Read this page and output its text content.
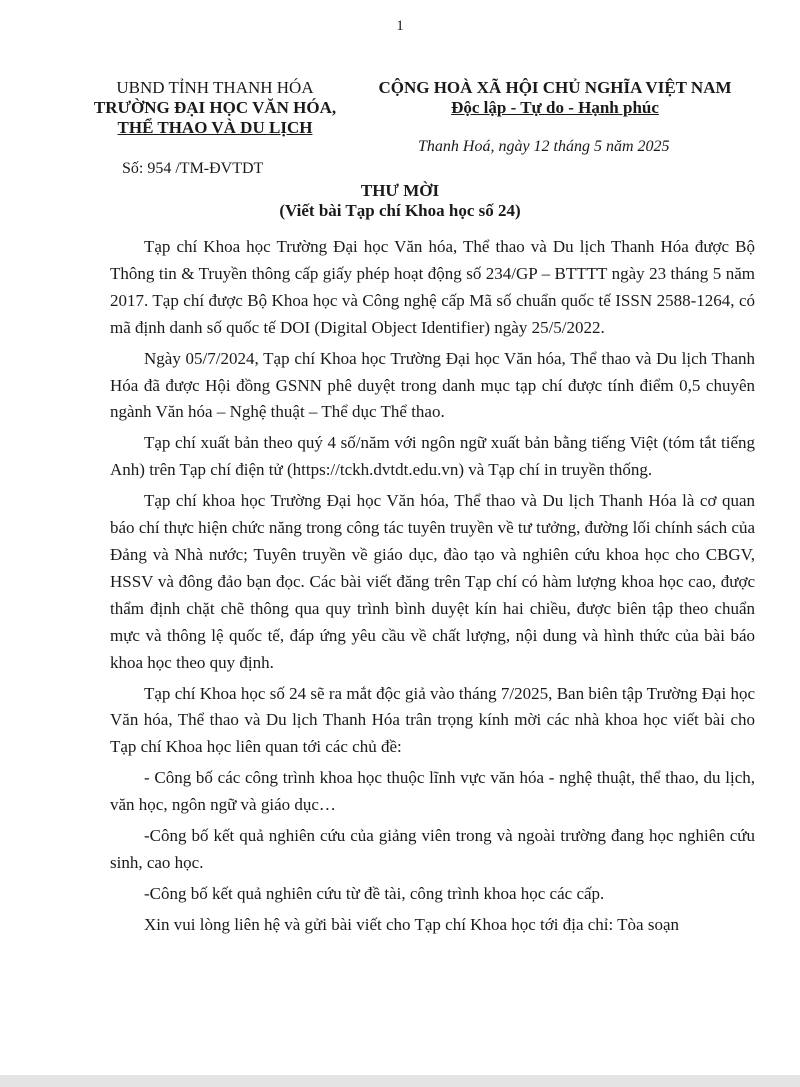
1
UBND TỈNH THANH HÓA
TRƯỜNG ĐẠI HỌC VĂN HÓA,
THỂ THAO VÀ DU LỊCH
CỘNG HOÀ XÃ HỘI CHỦ NGHĨA VIỆT NAM
Độc lập - Tự do - Hạnh phúc
Thanh Hoá, ngày 12 tháng 5 năm 2025
Số: 954 /TM-ĐVTDT
THƯ MỜI
(Viết bài Tạp chí Khoa học số 24)

Tạp chí Khoa học Trường Đại học Văn hóa, Thể thao và Du lịch Thanh Hóa được Bộ Thông tin & Truyền thông cấp giấy phép hoạt động số 234/GP – BTTTT ngày 23 tháng 5 năm 2017. Tạp chí được Bộ Khoa học và Công nghệ cấp Mã số chuẩn quốc tế ISSN 2588-1264, có mã định danh số quốc tế DOI (Digital Object Identifier) ngày 25/5/2022.

Ngày 05/7/2024, Tạp chí Khoa học Trường Đại học Văn hóa, Thể thao và Du lịch Thanh Hóa đã được Hội đồng GSNN phê duyệt trong danh mục tạp chí được tính điểm 0,5 chuyên ngành Văn hóa – Nghệ thuật – Thể dục Thể thao.

Tạp chí xuất bản theo quý 4 số/năm với ngôn ngữ xuất bản bằng tiếng Việt (tóm tắt tiếng Anh) trên Tạp chí điện tử (https://tckh.dvtdt.edu.vn) và Tạp chí in truyền thống.

Tạp chí khoa học Trường Đại học Văn hóa, Thể thao và Du lịch Thanh Hóa là cơ quan báo chí thực hiện chức năng trong công tác tuyên truyền về tư tưởng, đường lối chính sách của Đảng và Nhà nước; Tuyên truyền về giáo dục, đào tạo và nghiên cứu khoa học cho CBGV, HSSV và đông đảo bạn đọc. Các bài viết đăng trên Tạp chí có hàm lượng khoa học cao, được thẩm định chặt chẽ thông qua quy trình bình duyệt kín hai chiều, được biên tập theo chuẩn mực và thông lệ quốc tế, đáp ứng yêu cầu về chất lượng, nội dung và hình thức của bài báo khoa học theo quy định.

Tạp chí Khoa học số 24 sẽ ra mắt độc giả vào tháng 7/2025, Ban biên tập Trường Đại học Văn hóa, Thể thao và Du lịch Thanh Hóa trân trọng kính mời các nhà khoa học viết bài cho Tạp chí Khoa học liên quan tới các chủ đề:

- Công bố các công trình khoa học thuộc lĩnh vực văn hóa - nghệ thuật, thể thao, du lịch, văn học, ngôn ngữ và giáo dục…

-Công bố kết quả nghiên cứu của giảng viên trong và ngoài trường đang học nghiên cứu sinh, cao học.

-Công bố kết quả nghiên cứu từ đề tài, công trình khoa học các cấp.

Xin vui lòng liên hệ và gửi bài viết cho Tạp chí Khoa học tới địa chỉ: Tòa soạn
